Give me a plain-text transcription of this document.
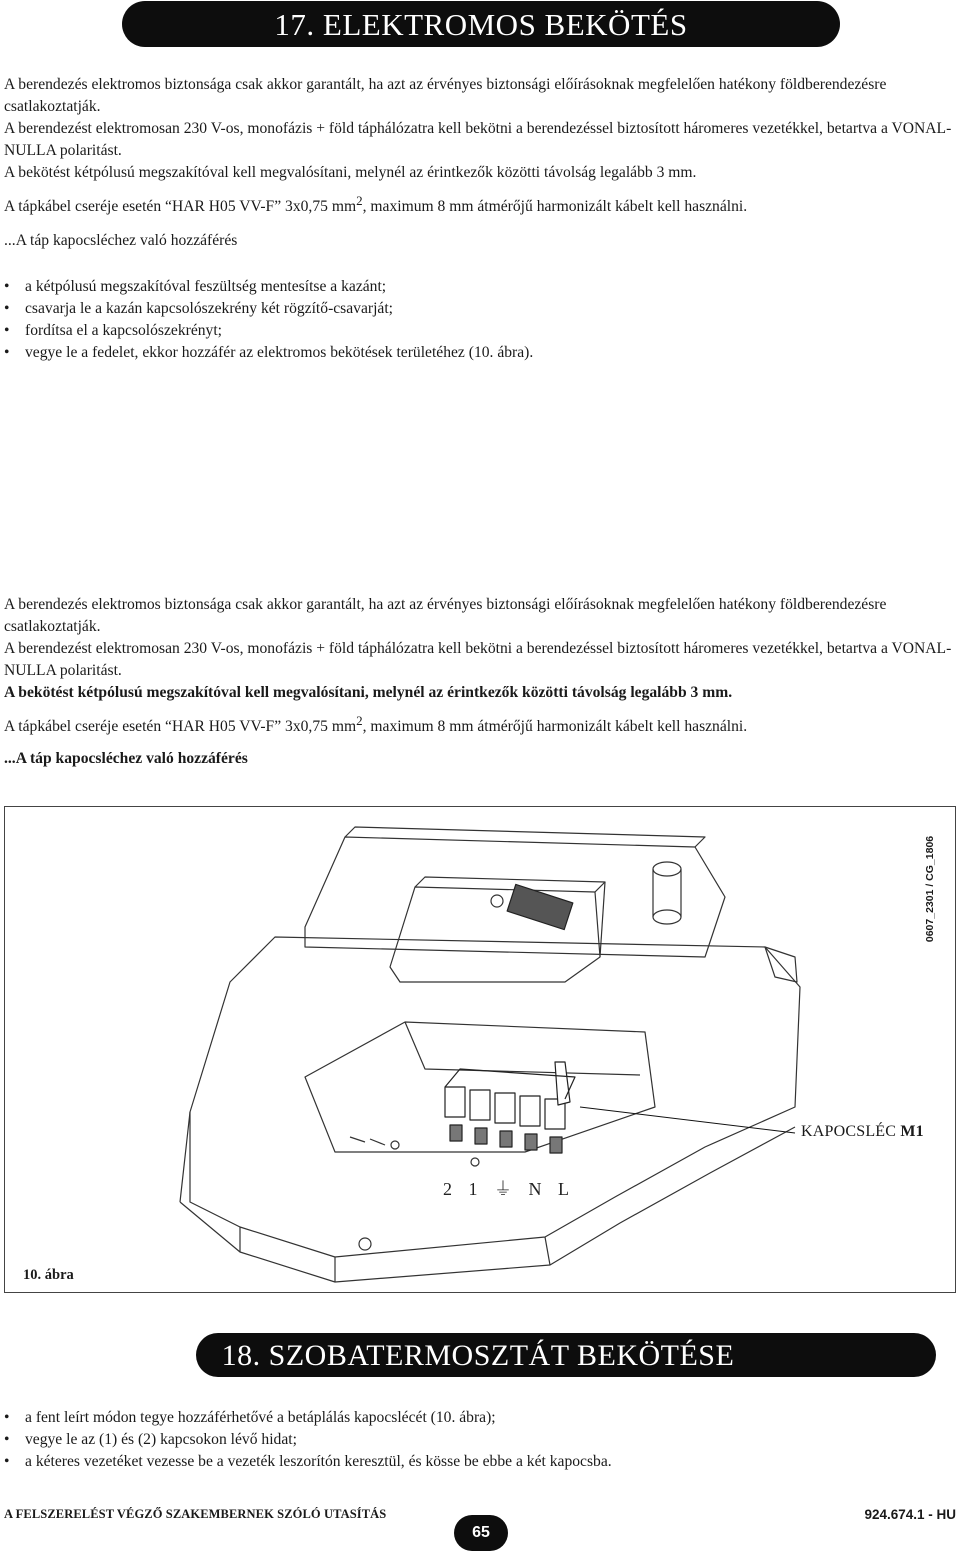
17. ELEKTROMOS BEKÖTÉS

A berendezés elektromos biztonsága csak akkor garantált, ha azt az érvényes biztonsági előírásoknak megfelelően hatékony földberendezésre csatlakoztatják.

A berendezést elektromosan 230 V-os, monofázis + föld táphálózatra kell bekötni a berendezéssel biztosított háromeres vezetékkel, betartva a VONAL-NULLA polaritást.

A bekötést kétpólusú megszakítóval kell megvalósítani, melynél az érintkezők közötti távolság legalább 3 mm.

A tápkábel cseréje esetén “HAR H05 VV-F” 3x0,75 $mm^2$, maximum 8 mm átmérőjű harmonizált kábelt kell használni.

...A táp kapocsléchez való hozzáférés
• a kétpólusú megszakítóval feszültség mentesítse a kazánt;
• csavarja le a kazán kapcsolószekrény két rögzítő-csavarját;
• fordítsa el a kapcsolószekrényt;
• vegye le a fedelet, ekkor hozzáfér az elektromos bekötések területéhez (10. ábra).

A berendezés elektromos biztonsága csak akkor garantált, ha azt az érvényes biztonsági előírásoknak megfelelően hatékony földberendezésre csatlakoztatják.

A berendezést elektromosan 230 V-os, monofázis + föld táphálózatra kell bekötni a berendezéssel biztosított háromeres vezetékkel, betartva a VONAL-NULLA polaritást.

A bekötést kétpólusú megszakítóval kell megvalósítani, melynél az érintkezők közötti távolság legalább 3 mm.

A tápkábel cseréje esetén “HAR H05 VV-F” 3x0,75 $mm^2$, maximum 8 mm átmérőjű harmonizált kábelt kell használni.

...A táp kapocsléchez való hozzáférés
2 1 ⏚ N L
0607_2301 / CG_1806
KAPOCSLÉC M1
10. ábra
18. SZOBATERMOSZTÁT BEKÖTÉSE
• a fent leírt módon tegye hozzáférhetővé a betáplálás kapocslécét (10. ábra);
• vegye le az (1) és (2) kapcsokon lévő hidat;
• a kéteres vezetéket vezesse be a vezeték leszorítón keresztül, és kösse be ebbe a két kapocsba.
A FELSZERELÉST VÉGZŐ SZAKEMBERNEK SZÓLÓ UTASÍTÁS
65
924.674.1 - HU
